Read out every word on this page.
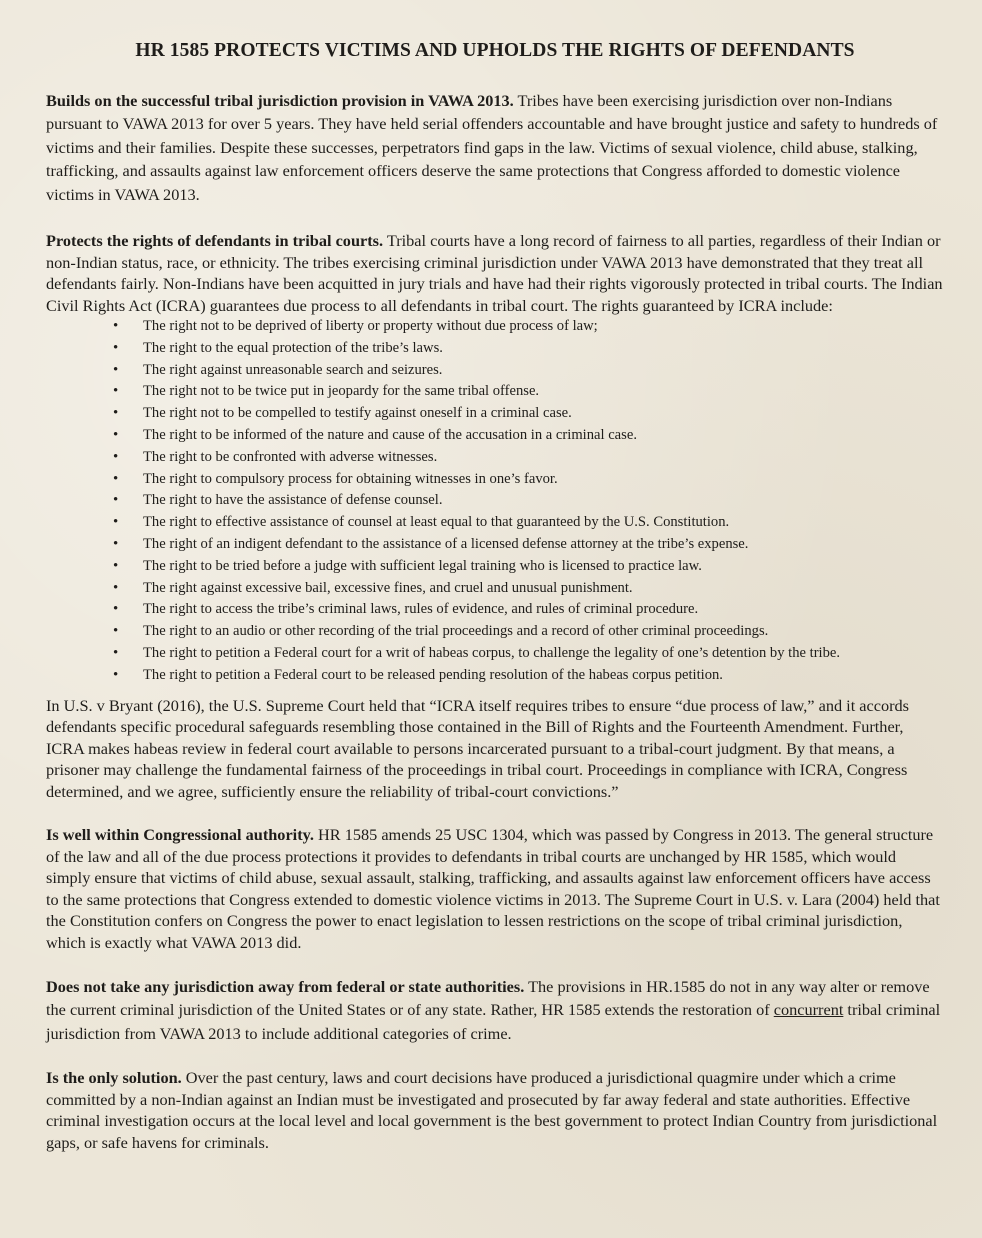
HR 1585 PROTECTS VICTIMS AND UPHOLDS THE RIGHTS OF DEFENDANTS

Builds on the successful tribal jurisdiction provision in VAWA 2013. Tribes have been exercising jurisdiction over non-Indians pursuant to VAWA 2013 for over 5 years. They have held serial offenders accountable and have brought justice and safety to hundreds of victims and their families. Despite these successes, perpetrators find gaps in the law. Victims of sexual violence, child abuse, stalking, trafficking, and assaults against law enforcement officers deserve the same protections that Congress afforded to domestic violence victims in VAWA 2013.

Protects the rights of defendants in tribal courts. Tribal courts have a long record of fairness to all parties, regardless of their Indian or non-Indian status, race, or ethnicity. The tribes exercising criminal jurisdiction under VAWA 2013 have demonstrated that they treat all defendants fairly. Non-Indians have been acquitted in jury trials and have had their rights vigorously protected in tribal courts. The Indian Civil Rights Act (ICRA) guarantees due process to all defendants in tribal court. The rights guaranteed by ICRA include:

• The right not to be deprived of liberty or property without due process of law;
• The right to the equal protection of the tribe’s laws.
• The right against unreasonable search and seizures.
• The right not to be twice put in jeopardy for the same tribal offense.
• The right not to be compelled to testify against oneself in a criminal case.
• The right to be informed of the nature and cause of the accusation in a criminal case.
• The right to be confronted with adverse witnesses.
• The right to compulsory process for obtaining witnesses in one’s favor.
• The right to have the assistance of defense counsel.
• The right to effective assistance of counsel at least equal to that guaranteed by the U.S. Constitution.
• The right of an indigent defendant to the assistance of a licensed defense attorney at the tribe’s expense.
• The right to be tried before a judge with sufficient legal training who is licensed to practice law.
• The right against excessive bail, excessive fines, and cruel and unusual punishment.
• The right to access the tribe’s criminal laws, rules of evidence, and rules of criminal procedure.
• The right to an audio or other recording of the trial proceedings and a record of other criminal proceedings.
• The right to petition a Federal court for a writ of habeas corpus, to challenge the legality of one’s detention by the tribe.
• The right to petition a Federal court to be released pending resolution of the habeas corpus petition.

In U.S. v Bryant (2016), the U.S. Supreme Court held that “ICRA itself requires tribes to ensure “due process of law,” and it accords defendants specific procedural safeguards resembling those contained in the Bill of Rights and the Fourteenth Amendment. Further, ICRA makes habeas review in federal court available to persons incarcerated pursuant to a tribal-court judgment. By that means, a prisoner may challenge the fundamental fairness of the proceedings in tribal court. Proceedings in compliance with ICRA, Congress determined, and we agree, sufficiently ensure the reliability of tribal-court convictions.”

Is well within Congressional authority. HR 1585 amends 25 USC 1304, which was passed by Congress in 2013. The general structure of the law and all of the due process protections it provides to defendants in tribal courts are unchanged by HR 1585, which would simply ensure that victims of child abuse, sexual assault, stalking, trafficking, and assaults against law enforcement officers have access to the same protections that Congress extended to domestic violence victims in 2013. The Supreme Court in U.S. v. Lara (2004) held that the Constitution confers on Congress the power to enact legislation to lessen restrictions on the scope of tribal criminal jurisdiction, which is exactly what VAWA 2013 did.

Does not take any jurisdiction away from federal or state authorities. The provisions in HR.1585 do not in any way alter or remove the current criminal jurisdiction of the United States or of any state. Rather, HR 1585 extends the restoration of concurrent tribal criminal jurisdiction from VAWA 2013 to include additional categories of crime.

Is the only solution. Over the past century, laws and court decisions have produced a jurisdictional quagmire under which a crime committed by a non-Indian against an Indian must be investigated and prosecuted by far away federal and state authorities. Effective criminal investigation occurs at the local level and local government is the best government to protect Indian Country from jurisdictional gaps, or safe havens for criminals.
